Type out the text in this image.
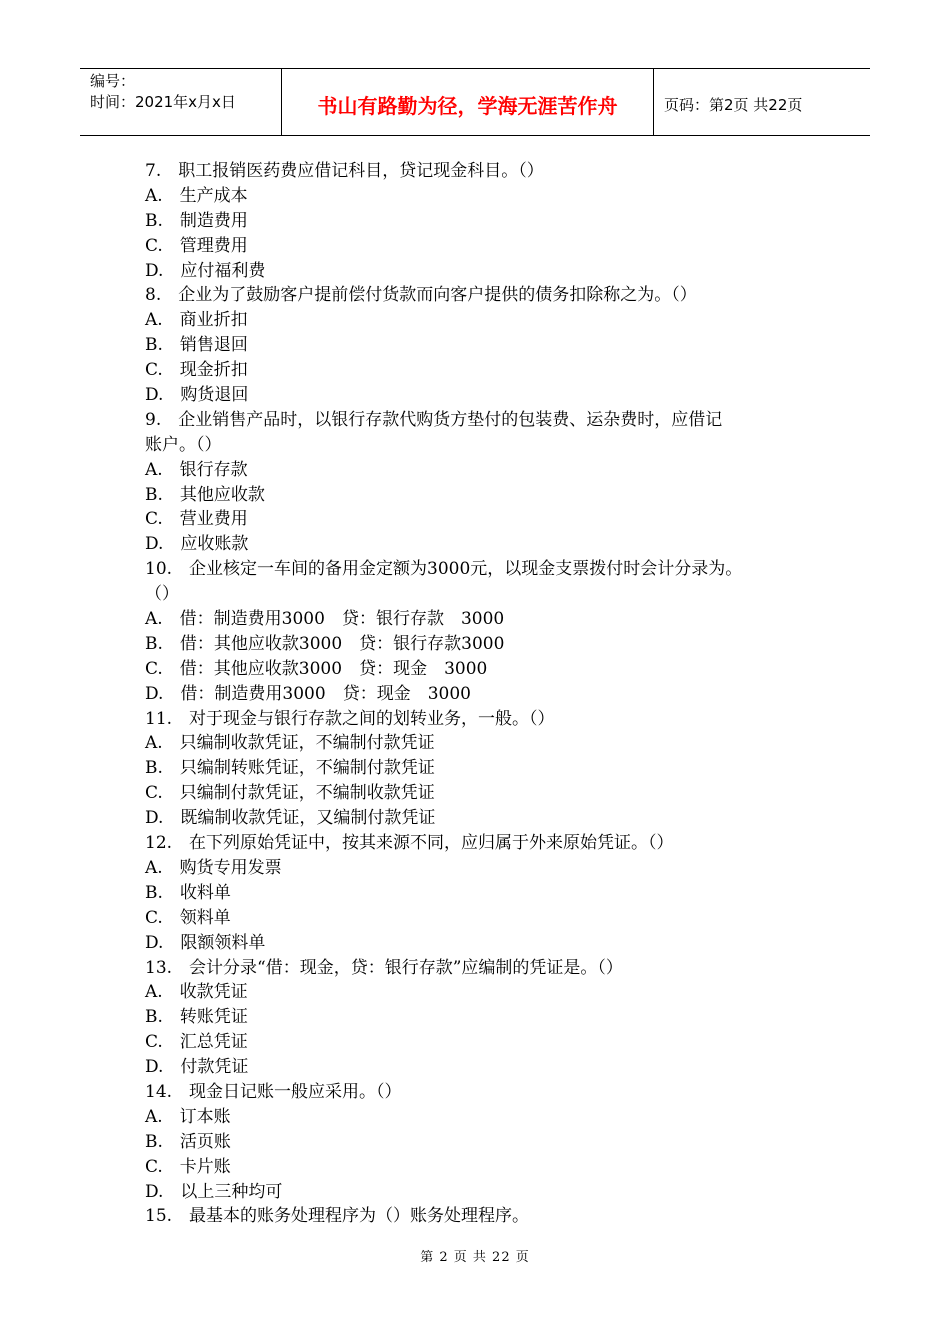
编号：
时间：2021年x月x日	书山有路勤为径，学海无涯苦作舟	页码：第2页 共22页
7.　职工报销医药费应借记科目，贷记现金科目。（）
A.　生产成本
B.　制造费用
C.　管理费用
D.　应付福利费
8.　企业为了鼓励客户提前偿付货款而向客户提供的债务扣除称之为。（）
A.　商业折扣
B.　销售退回
C.　现金折扣
D.　购货退回
9.　企业销售产品时，以银行存款代购货方垫付的包装费、运杂费时，应借记
账户。（）
A.　银行存款
B.　其他应收款
C.　营业费用
D.　应收账款
10.　企业核定一车间的备用金定额为3000元，以现金支票拨付时会计分录为。
（）
A.　借：制造费用3000　贷：银行存款　3000
B.　借：其他应收款3000　贷：银行存款3000
C.　借：其他应收款3000　贷：现金　3000
D.　借：制造费用3000　贷：现金　3000
11.　对于现金与银行存款之间的划转业务，一般。（）
A.　只编制收款凭证，不编制付款凭证
B.　只编制转账凭证，不编制付款凭证
C.　只编制付款凭证，不编制收款凭证
D.　既编制收款凭证，又编制付款凭证
12.　在下列原始凭证中，按其来源不同，应归属于外来原始凭证。（）
A.　购货专用发票
B.　收料单
C.　领料单
D.　限额领料单
13.　会计分录“借：现金，贷：银行存款”应编制的凭证是。（）
A.　收款凭证
B.　转账凭证
C.　汇总凭证
D.　付款凭证
14.　现金日记账一般应采用。（）
A.　订本账
B.　活页账
C.　卡片账
D.　以上三种均可
15.　最基本的账务处理程序为（）账务处理程序。
第 2 页 共 22 页
